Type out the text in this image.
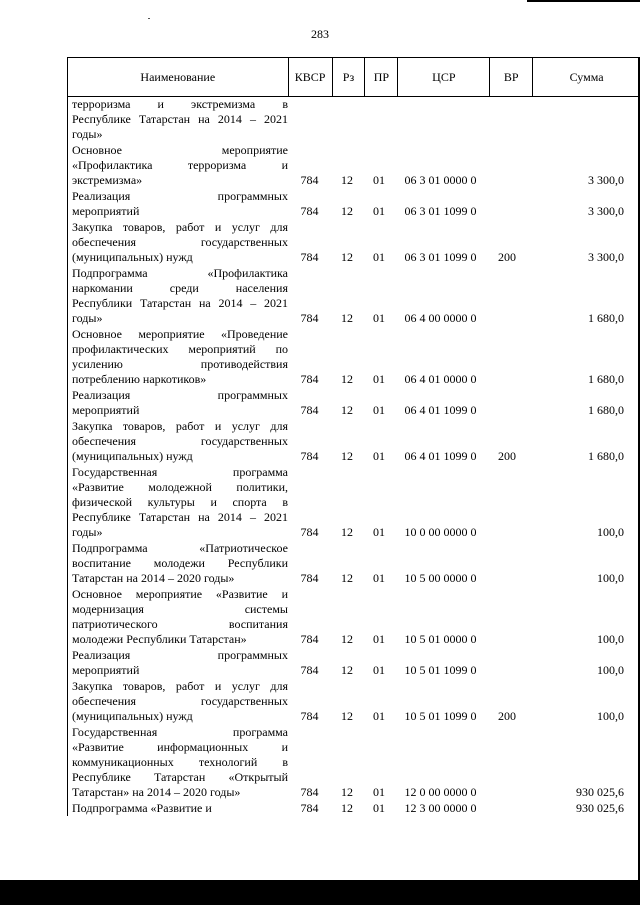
283
Наименование	КВСР	Рз	ПР	ЦСР	ВР	Сумма
терроризма и экстремизма в
Республике Татарстан на 2014 – 2021
годы»
Основное мероприятие
«Профилактика терроризма и
экстремизма»	784	12	01	06 3 01 0000 0	3 300,0
Реализация программных
мероприятий	784	12	01	06 3 01 1099 0	3 300,0
Закупка товаров, работ и услуг для
обеспечения государственных
(муниципальных) нужд	784	12	01	06 3 01 1099 0	200	3 300,0
Подпрограмма «Профилактика
наркомании среди населения
Республики Татарстан на 2014 – 2021
годы»	784	12	01	06 4 00 0000 0	1 680,0
Основное мероприятие «Проведение
профилактических мероприятий по
усилению противодействия
потреблению наркотиков»	784	12	01	06 4 01 0000 0	1 680,0
Реализация программных
мероприятий	784	12	01	06 4 01 1099 0	1 680,0
Закупка товаров, работ и услуг для
обеспечения государственных
(муниципальных) нужд	784	12	01	06 4 01 1099 0	200	1 680,0
Государственная программа
«Развитие молодежной политики,
физической культуры и спорта в
Республике Татарстан на 2014 – 2021
годы»	784	12	01	10 0 00 0000 0	100,0
Подпрограмма «Патриотическое
воспитание молодежи Республики
Татарстан на 2014 – 2020 годы»	784	12	01	10 5 00 0000 0	100,0
Основное мероприятие «Развитие и
модернизация системы
патриотического воспитания
молодежи Республики Татарстан»	784	12	01	10 5 01 0000 0	100,0
Реализация программных
мероприятий	784	12	01	10 5 01 1099 0	100,0
Закупка товаров, работ и услуг для
обеспечения государственных
(муниципальных) нужд	784	12	01	10 5 01 1099 0	200	100,0
Государственная программа
«Развитие информационных и
коммуникационных технологий в
Республике Татарстан «Открытый
Татарстан» на 2014 – 2020 годы»	784	12	01	12 0 00 0000 0	930 025,6
Подпрограмма «Развитие и	784	12	01	12 3 00 0000 0	930 025,6
